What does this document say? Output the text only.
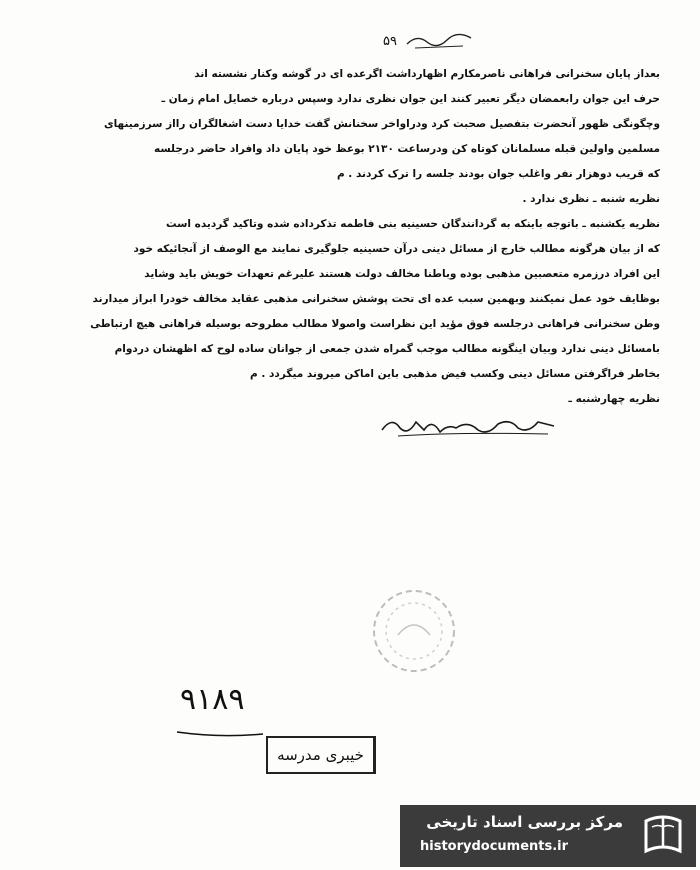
۵۹
بعداز پایان سخنرانی فراهانی ناصرمکارم اظهارداشت اگرعده ای در گوشه وکنار نشسته اند
حرف این جوان رابعمضان دیگر تعبیر کنند این جوان نظری ندارد وسپس درباره خصایل امام زمان ـ
وچگونگی ظهور آنحضرت بتفصیل صحبت کرد ودراواخر سخنانش گفت خدایا دست اشغالگران رااز سرزمینهای
مسلمین واولین قبله مسلمانان کوتاه کن ودرساعت ۲۱۳۰ بوعظ خود پایان داد وافراد حاضر درجلسه
که قریب دوهزار نفر واغلب جوان بودند جلسه را ترک کردند . م
نظریه شنبه ـ نظری ندارد .
نظریه یکشنبه ـ باتوجه باینکه به گردانندگان حسینیه بنی فاطمه تذکرداده شده وتاکید گردیده است
که از بیان هرگونه مطالب خارج از مسائل دینی درآن حسینیه جلوگیری نمایند مع الوصف از آنجائیکه خود
این افراد درزمره متعصبین مذهبی بوده وباطنا مخالف دولت هستند علیرغم تعهدات خویش باید وشاید
بوظایف خود عمل نمیکنند وبهمین سبب عده ای تحت پوشش سخنرانی مذهبی عقاید مخالف خودرا ابراز میدارند
وطن سخنرانی فراهانی درجلسه فوق مؤید این نظراست واصولا مطالب مطروحه بوسیله فراهانی هیچ ارتباطی
بامسائل دینی ندارد وبیان اینگونه مطالب موجب گمراه شدن جمعی از جوانان ساده لوح که اظهشان دردوام
بخاطر فراگرفتن مسائل دینی وکسب فیض مذهبی باین اماکن میروند میگردد . م
نظریه چهارشنبه ـ
۹۱۸۹
خیبری مدرسه
مرکز بررسی اسناد تاریخی
historydocuments.ir
